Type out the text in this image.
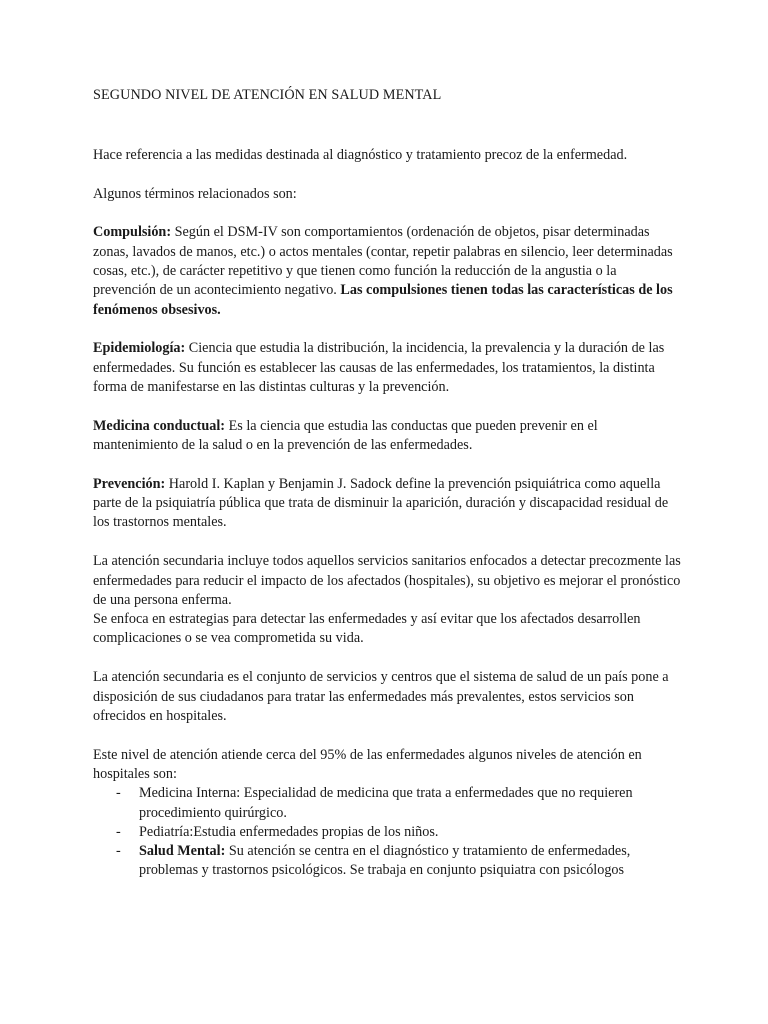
SEGUNDO NIVEL DE ATENCIÓN EN SALUD MENTAL

Hace referencia a las medidas destinada al diagnóstico y tratamiento precoz de la enfermedad.

Algunos términos relacionados son:

Compulsión: Según el DSM-IV son comportamientos (ordenación de objetos, pisar determinadas zonas, lavados de manos, etc.) o actos mentales (contar, repetir palabras en silencio, leer determinadas cosas, etc.), de carácter repetitivo y que tienen como función la reducción de la angustia o la prevención de un acontecimiento negativo. Las compulsiones tienen todas las características de los fenómenos obsesivos.

Epidemiología: Ciencia que estudia la distribución, la incidencia, la prevalencia y la duración de las enfermedades. Su función es establecer las causas de las enfermedades, los tratamientos, la distinta forma de manifestarse en las distintas culturas y la prevención.

Medicina conductual: Es la ciencia que estudia las conductas que pueden prevenir en el mantenimiento de la salud o en la prevención de las enfermedades.

Prevención: Harold I. Kaplan y Benjamin J. Sadock define la prevención psiquiátrica como aquella parte de la psiquiatría pública que trata de disminuir la aparición, duración y discapacidad residual de los trastornos mentales.

La atención secundaria incluye todos aquellos servicios sanitarios enfocados a detectar precozmente las enfermedades para reducir el impacto de los afectados (hospitales), su objetivo es mejorar el pronóstico de una persona enferma.
Se enfoca en estrategias para detectar las enfermedades y así evitar que los afectados desarrollen complicaciones o se vea comprometida su vida.

La atención secundaria es el conjunto de servicios y centros que el sistema de salud de un país pone a disposición de sus ciudadanos para tratar las enfermedades más prevalentes, estos servicios son ofrecidos en hospitales.

Este nivel de atención atiende cerca del 95% de las enfermedades algunos niveles de atención en hospitales son:

- Medicina Interna: Especialidad de medicina que trata a enfermedades que no requieren procedimiento quirúrgico.
- Pediatría:Estudia enfermedades propias de los niños.
- Salud Mental: Su atención se centra en el diagnóstico y tratamiento de enfermedades, problemas y trastornos psicológicos. Se trabaja en conjunto psiquiatra con psicólogos
